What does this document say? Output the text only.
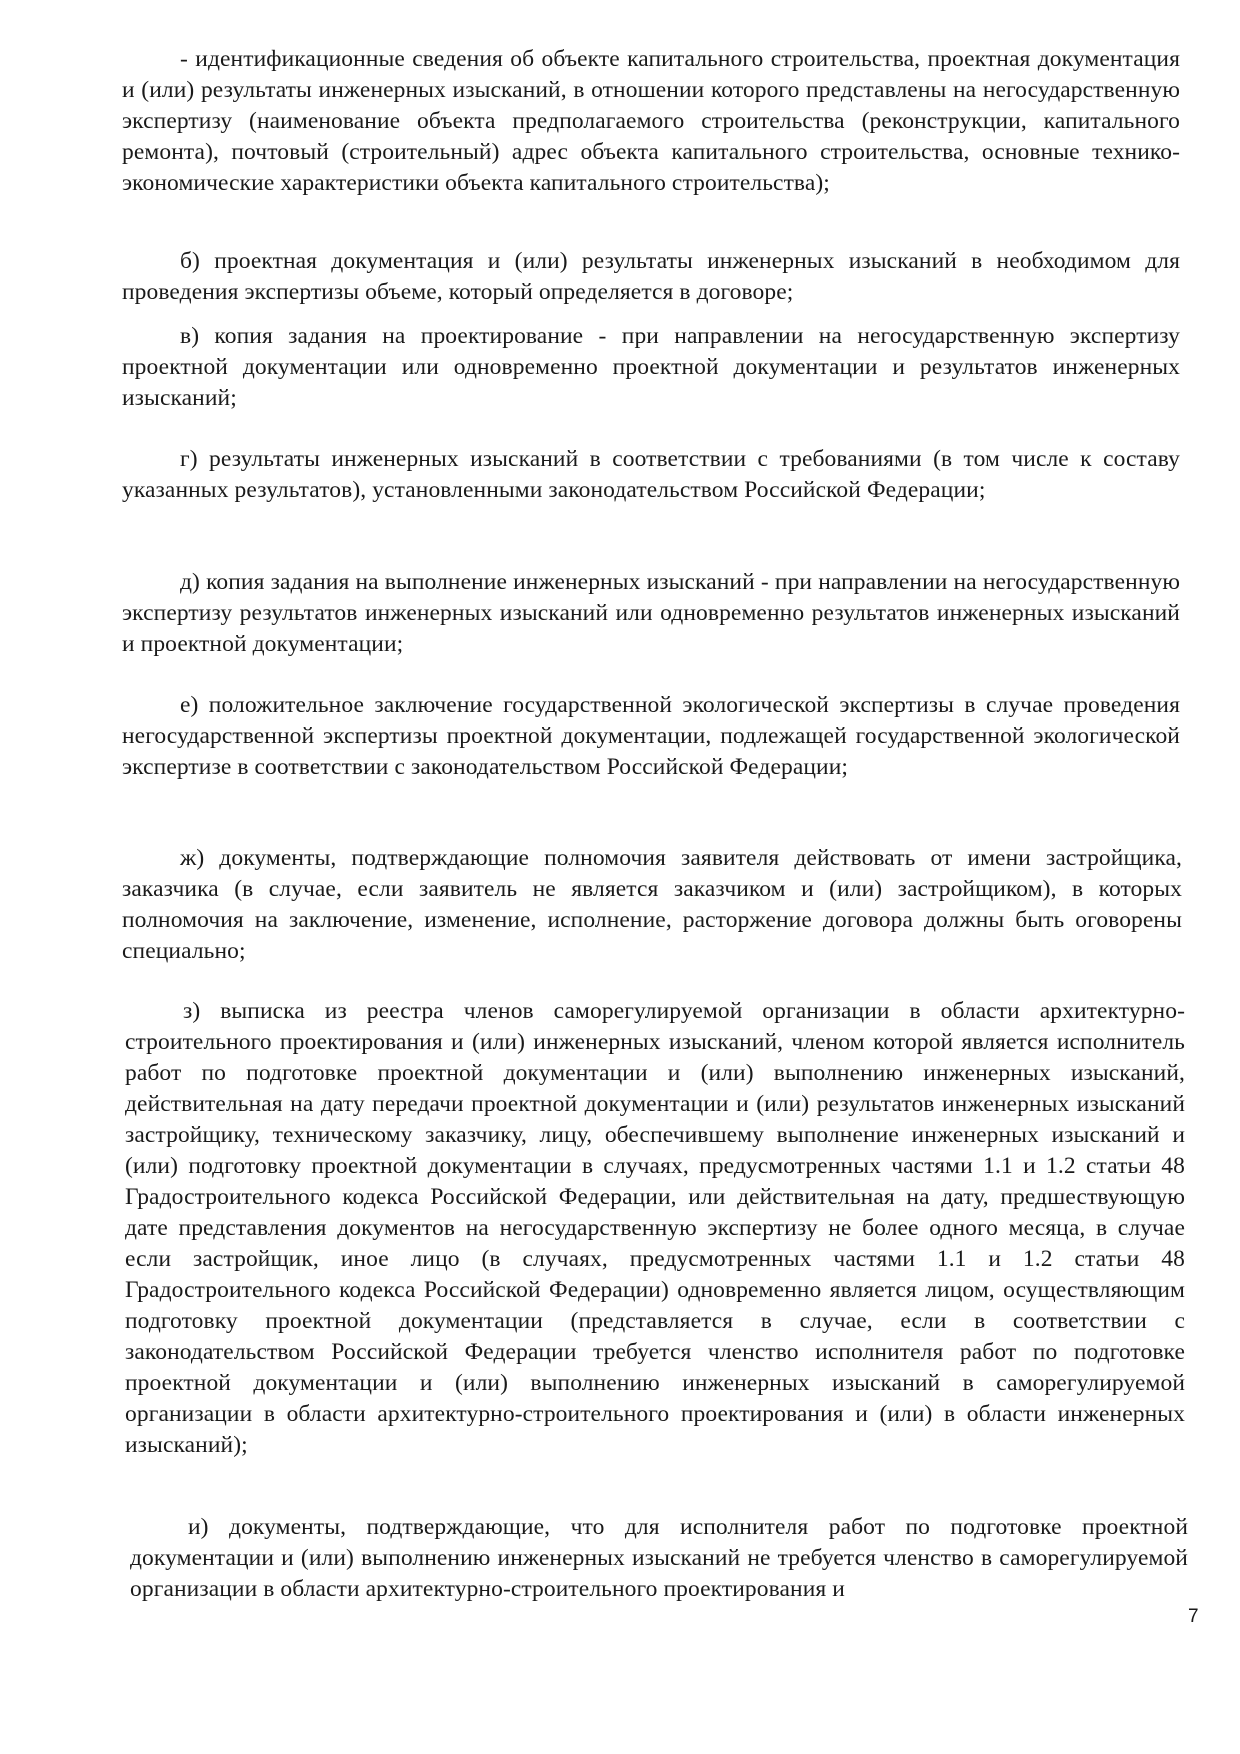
- идентификационные сведения об объекте капитального строительства, проектная документация и (или) результаты инженерных изысканий, в отношении которого представлены на негосударственную экспертизу (наименование объекта предполагаемого строительства (реконструкции, капитального ремонта), почтовый (строительный) адрес объекта капитального строительства, основные технико-экономические характеристики объекта капитального строительства);

б) проектная документация и (или) результаты инженерных изысканий в необходимом для проведения экспертизы объеме, который определяется в договоре;

в) копия задания на проектирование - при направлении на негосударственную экспертизу проектной документации или одновременно проектной документации и результатов инженерных изысканий;

г) результаты инженерных изысканий в соответствии с требованиями (в том числе к составу указанных результатов), установленными законодательством Российской Федерации;

д) копия задания на выполнение инженерных изысканий - при направлении на негосударственную экспертизу результатов инженерных изысканий или одновременно результатов инженерных изысканий и проектной документации;

е) положительное заключение государственной экологической экспертизы в случае проведения негосударственной экспертизы проектной документации, подлежащей государственной экологической экспертизе в соответствии с законодательством Российской Федерации;

ж) документы, подтверждающие полномочия заявителя действовать от имени застройщика, заказчика (в случае, если заявитель не является заказчиком и (или) застройщиком), в которых полномочия на заключение, изменение, исполнение, расторжение договора должны быть оговорены специально;

з) выписка из реестра членов саморегулируемой организации в области архитектурно-строительного проектирования и (или) инженерных изысканий, членом которой является исполнитель работ по подготовке проектной документации и (или) выполнению инженерных изысканий, действительная на дату передачи проектной документации и (или) результатов инженерных изысканий застройщику, техническому заказчику, лицу, обеспечившему выполнение инженерных изысканий и (или) подготовку проектной документации в случаях, предусмотренных частями 1.1 и 1.2 статьи 48 Градостроительного кодекса Российской Федерации, или действительная на дату, предшествующую дате представления документов на негосударственную экспертизу не более одного месяца, в случае если застройщик, иное лицо (в случаях, предусмотренных частями 1.1 и 1.2 статьи 48 Градостроительного кодекса Российской Федерации) одновременно является лицом, осуществляющим подготовку проектной документации (представляется в случае, если в соответствии с законодательством Российской Федерации требуется членство исполнителя работ по подготовке проектной документации и (или) выполнению инженерных изысканий в саморегулируемой организации в области архитектурно-строительного проектирования и (или) в области инженерных изысканий);

и) документы, подтверждающие, что для исполнителя работ по подготовке проектной документации и (или) выполнению инженерных изысканий не требуется членство в саморегулируемой организации в области архитектурно-строительного проектирования и

7
